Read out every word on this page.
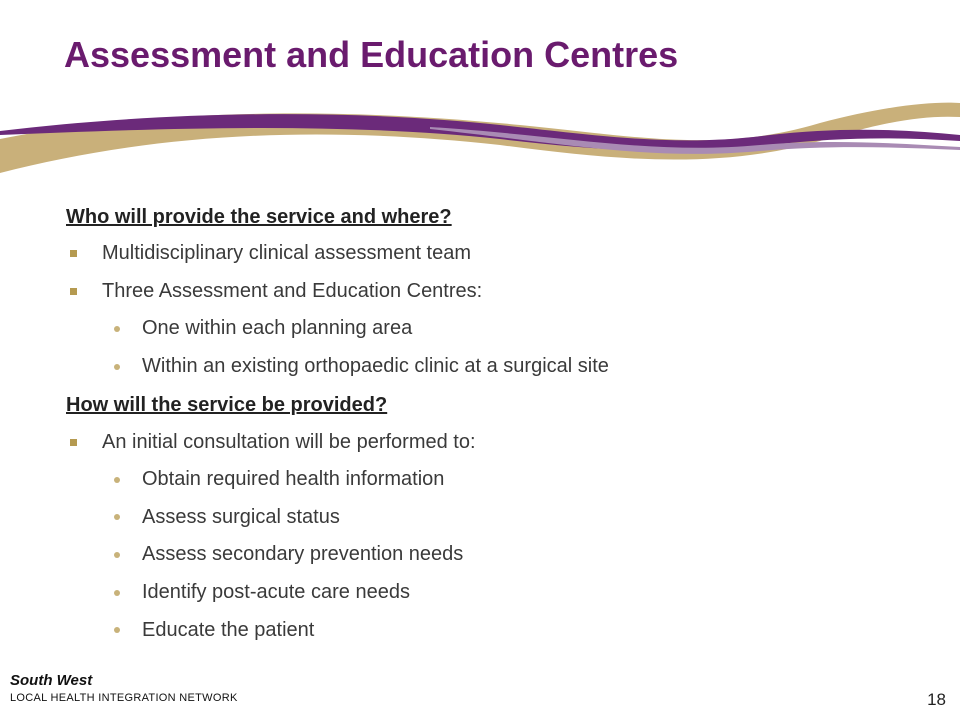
Assessment and Education Centres

Who will provide the service and where?

Multidisciplinary clinical assessment team
Three Assessment and Education Centres:
One within each planning area
Within an existing orthopaedic clinic at a surgical site

How will the service be provided?

An initial consultation will be performed to:
Obtain required health information
Assess surgical status
Assess secondary prevention needs
Identify post-acute care needs
Educate the patient
South West
LOCAL HEALTH INTEGRATION NETWORK	18
